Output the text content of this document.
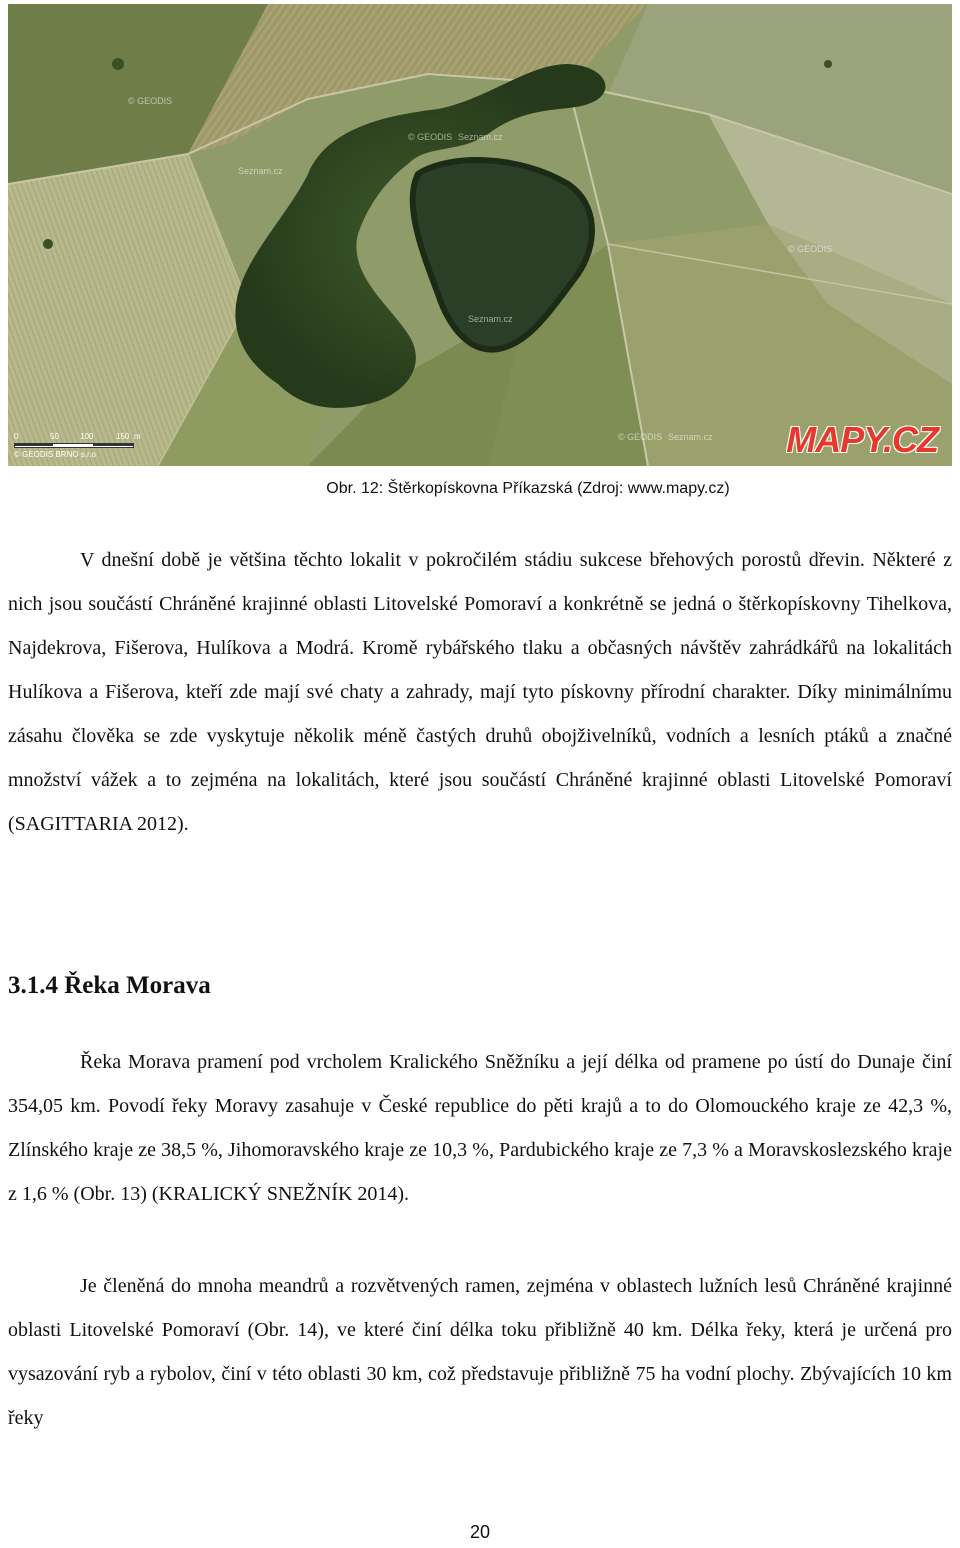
© GEODIS
© GEODIS Seznam.cz
Seznam.cz
Seznam.cz
© GEODIS
© GEODIS Seznam.cz
0	50	100	150 m
© GEODIS BRNO s.r.o	MAPY.CZ
Obr. 12: Štěrkopískovna Příkazská (Zdroj: www.mapy.cz)

V dnešní době je většina těchto lokalit v pokročilém stádiu sukcese břehových porostů dřevin. Některé z nich jsou součástí Chráněné krajinné oblasti Litovelské Pomoraví a konkrétně se jedná o štěrkopískovny Tihelkova, Najdekrova, Fišerova, Hulíkova a Modrá. Kromě rybářského tlaku a občasných návštěv zahrádkářů na lokalitách Hulíkova a Fišerova, kteří zde mají své chaty a zahrady, mají tyto pískovny přírodní charakter. Díky minimálnímu zásahu člověka se zde vyskytuje několik méně častých druhů obojživelníků, vodních a lesních ptáků a značné množství vážek a to zejména na lokalitách, které jsou součástí Chráněné krajinné oblasti Litovelské Pomoraví (SAGITTARIA 2012).

3.1.4 Řeka Morava

Řeka Morava pramení pod vrcholem Kralického Sněžníku a její délka od pramene po ústí do Dunaje činí 354,05 km. Povodí řeky Moravy zasahuje v České republice do pěti krajů a to do Olomouckého kraje ze 42,3 %, Zlínského kraje ze 38,5 %, Jihomoravského kraje ze 10,3 %, Pardubického kraje ze 7,3 % a Moravskoslezského kraje z 1,6 % (Obr. 13) (KRALICKÝ SNEŽNÍK 2014).

Je členěná do mnoha meandrů a rozvětvených ramen, zejména v oblastech lužních lesů Chráněné krajinné oblasti Litovelské Pomoraví (Obr. 14), ve které činí délka toku přibližně 40 km. Délka řeky, která je určená pro vysazování ryb a rybolov, činí v této oblasti 30 km, což představuje přibližně 75 ha vodní plochy. Zbývajících 10 km řeky

20
